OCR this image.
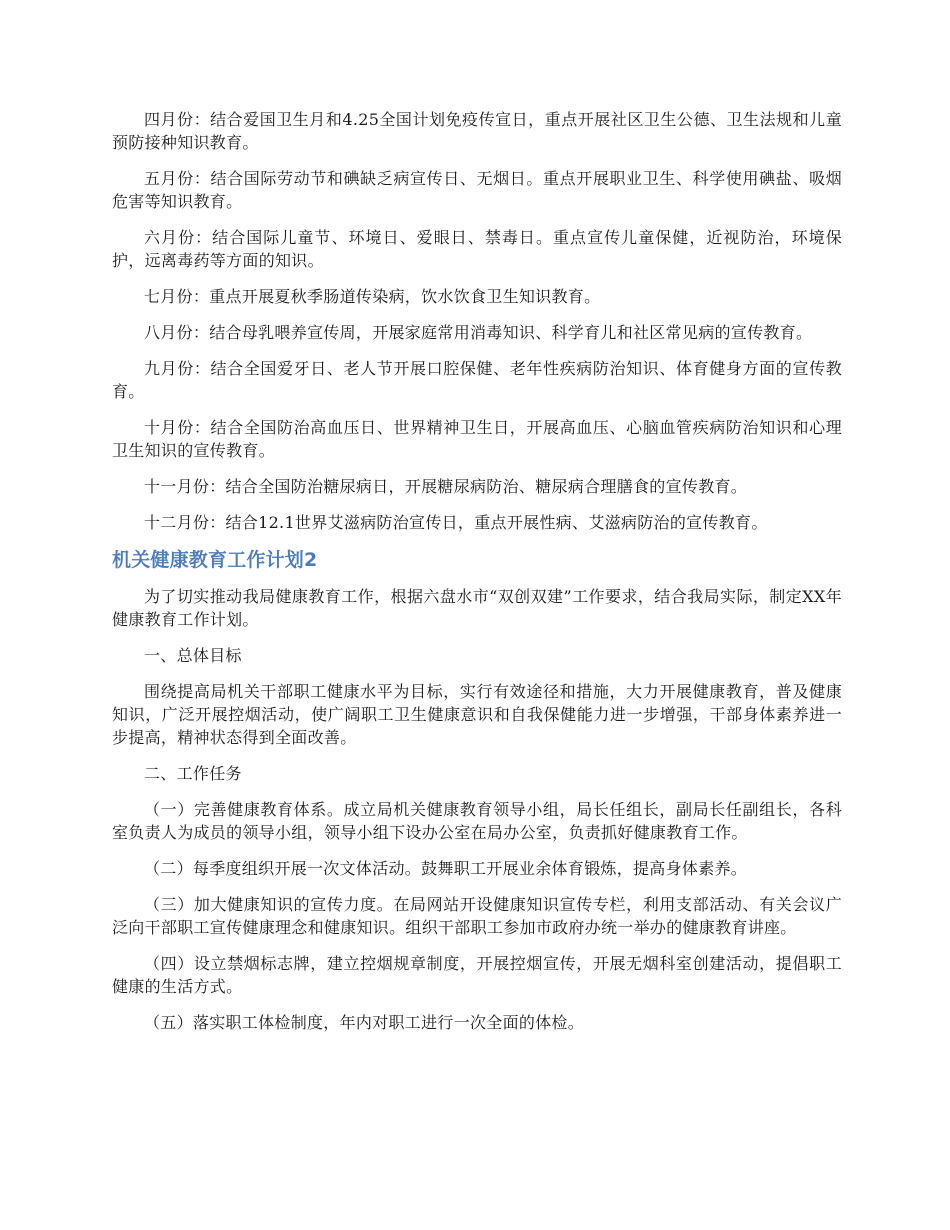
四月份：结合爱国卫生月和4.25全国计划免疫传宣日，重点开展社区卫生公德、卫生法规和儿童预防接种知识教育。

五月份：结合国际劳动节和碘缺乏病宣传日、无烟日。重点开展职业卫生、科学使用碘盐、吸烟危害等知识教育。

六月份：结合国际儿童节、环境日、爱眼日、禁毒日。重点宣传儿童保健，近视防治，环境保护，远离毒药等方面的知识。

七月份：重点开展夏秋季肠道传染病，饮水饮食卫生知识教育。

八月份：结合母乳喂养宣传周，开展家庭常用消毒知识、科学育儿和社区常见病的宣传教育。

九月份：结合全国爱牙日、老人节开展口腔保健、老年性疾病防治知识、体育健身方面的宣传教育。

十月份：结合全国防治高血压日、世界精神卫生日，开展高血压、心脑血管疾病防治知识和心理卫生知识的宣传教育。

十一月份：结合全国防治糖尿病日，开展糖尿病防治、糖尿病合理膳食的宣传教育。

十二月份：结合12.1世界艾滋病防治宣传日，重点开展性病、艾滋病防治的宣传教育。

机关健康教育工作计划2

为了切实推动我局健康教育工作，根据六盘水市“双创双建”工作要求，结合我局实际，制定XX年健康教育工作计划。

一、总体目标

围绕提高局机关干部职工健康水平为目标，实行有效途径和措施，大力开展健康教育，普及健康知识，广泛开展控烟活动，使广阔职工卫生健康意识和自我保健能力进一步增强，干部身体素养进一步提高，精神状态得到全面改善。

二、工作任务

（一）完善健康教育体系。成立局机关健康教育领导小组，局长任组长，副局长任副组长，各科室负责人为成员的领导小组，领导小组下设办公室在局办公室，负责抓好健康教育工作。

（二）每季度组织开展一次文体活动。鼓舞职工开展业余体育锻炼，提高身体素养。

（三）加大健康知识的宣传力度。在局网站开设健康知识宣传专栏，利用支部活动、有关会议广泛向干部职工宣传健康理念和健康知识。组织干部职工参加市政府办统一举办的健康教育讲座。

（四）设立禁烟标志牌，建立控烟规章制度，开展控烟宣传，开展无烟科室创建活动，提倡职工健康的生活方式。

（五）落实职工体检制度，年内对职工进行一次全面的体检。
